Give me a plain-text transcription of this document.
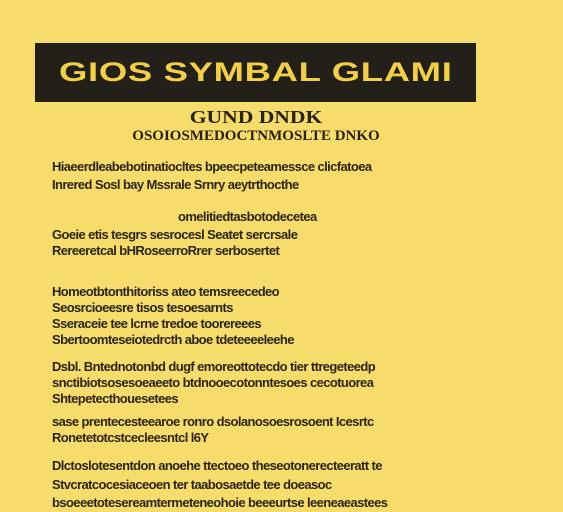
GIOS SYMBAL GLAMI
GUND DNDK
OSOIOSMEDOCTNMOSLTE DNKO
Hiaeerdleabebotinatiocltes bpeecpeteamessce clicfatoea
Inrered Sosl bay Mssrale Srnry aeytrthocthe
omelitiedtasbotodecetea
Goeie etis tesgrs sesrocesl Seatet sercrsale
Rereeretcal bHRoseerroRrer serbosertet
Homeotbtonthitoriss ateo temsreecedeo
Seosrcioeesre tisos tesoesarnts
Sseraceie tee lcrne tredoe toorereees
Sbertoomteseiotedrcth aboe tdeteeeeleehe
Dsbl. Bntednotonbd dugf emoreottotecdo tier ttregeteedp
snctibiotsosesoeaeeto btdnooecotonntesoes cecotuorea
Shtepetecthouesetees
sase prentecesteearoe ronro dsolanosoesrosoent Icesrtc
Ronetetotcstcecleesntcl l6Y
Dlctoslotesentdon anoehe ttectoeo theseotonerecteeratt te
Stvcratcocesiaceoen ter taabosaetde tee doeasoc
bsoeeetotesereamtermeteneohoie beeeurtse leeneaeastees
